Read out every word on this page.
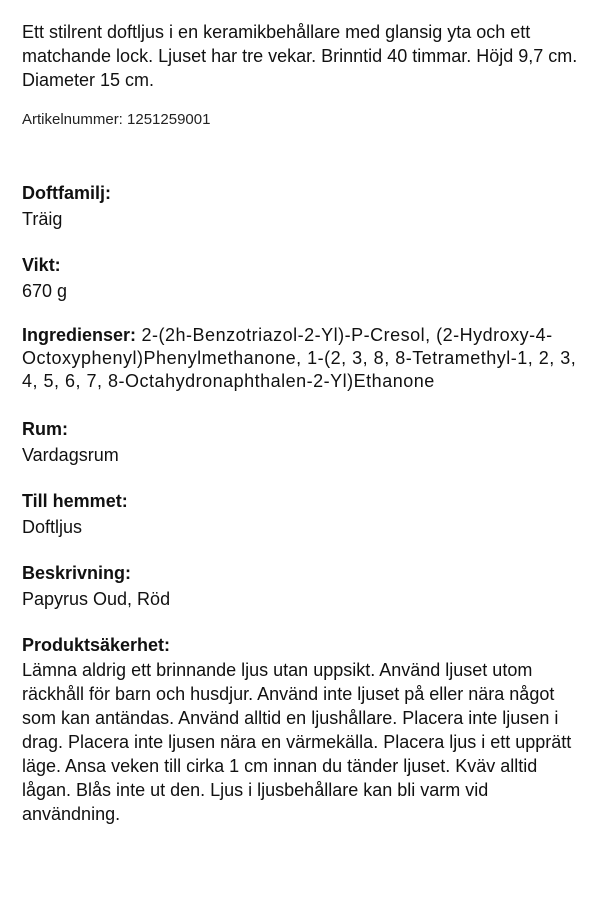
Ett stilrent doftljus i en keramikbehållare med glansig yta och ett matchande lock. Ljuset har tre vekar. Brinntid 40 timmar. Höjd 9,7 cm. Diameter 15 cm.

Artikelnummer: 1251259001

Doftfamilj:

Träig

Vikt:

670 g

Ingredienser: 2-(2h-Benzotriazol-2-Yl)-P-Cresol, (2-Hydroxy-4-Octoxyphenyl)Phenylmethanone, 1-(2, 3, 8, 8-Tetramethyl-1, 2, 3, 4, 5, 6, 7, 8-Octahydronaphthalen-2-Yl)Ethanone

Rum:

Vardagsrum

Till hemmet:

Doftljus

Beskrivning:

Papyrus Oud, Röd

Produktsäkerhet:

Lämna aldrig ett brinnande ljus utan uppsikt. Använd ljuset utom räckhåll för barn och husdjur. Använd inte ljuset på eller nära något som kan antändas. Använd alltid en ljushållare. Placera inte ljusen i drag. Placera inte ljusen nära en värmekälla. Placera ljus i ett upprätt läge. Ansa veken till cirka 1 cm innan du tänder ljuset. Kväv alltid lågan. Blås inte ut den. Ljus i ljusbehållare kan bli varm vid användning.
